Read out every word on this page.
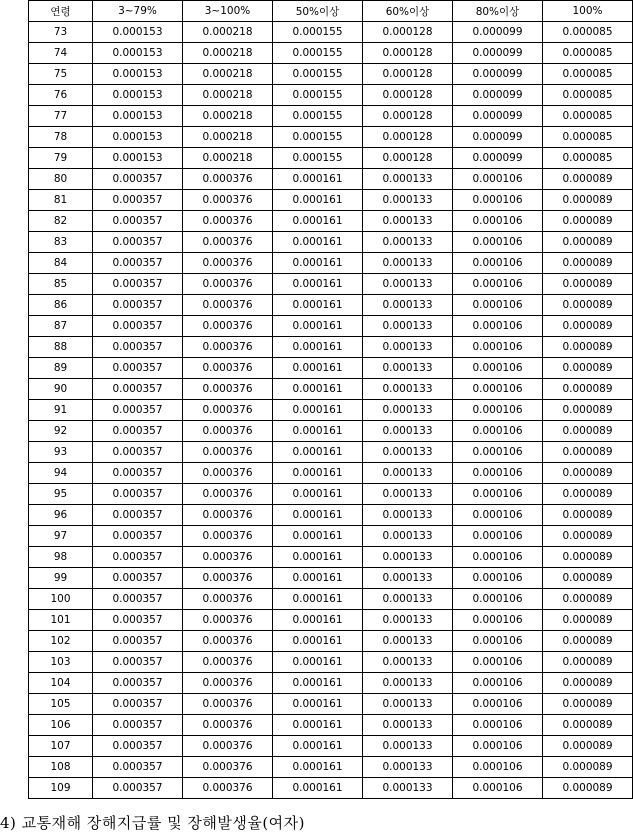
연령	3~79%	3~100%	50%이상	60%이상	80%이상	100%
73	0.000153	0.000218	0.000155	0.000128	0.000099	0.000085
74	0.000153	0.000218	0.000155	0.000128	0.000099	0.000085
75	0.000153	0.000218	0.000155	0.000128	0.000099	0.000085
76	0.000153	0.000218	0.000155	0.000128	0.000099	0.000085
77	0.000153	0.000218	0.000155	0.000128	0.000099	0.000085
78	0.000153	0.000218	0.000155	0.000128	0.000099	0.000085
79	0.000153	0.000218	0.000155	0.000128	0.000099	0.000085
80	0.000357	0.000376	0.000161	0.000133	0.000106	0.000089
81	0.000357	0.000376	0.000161	0.000133	0.000106	0.000089
82	0.000357	0.000376	0.000161	0.000133	0.000106	0.000089
83	0.000357	0.000376	0.000161	0.000133	0.000106	0.000089
84	0.000357	0.000376	0.000161	0.000133	0.000106	0.000089
85	0.000357	0.000376	0.000161	0.000133	0.000106	0.000089
86	0.000357	0.000376	0.000161	0.000133	0.000106	0.000089
87	0.000357	0.000376	0.000161	0.000133	0.000106	0.000089
88	0.000357	0.000376	0.000161	0.000133	0.000106	0.000089
89	0.000357	0.000376	0.000161	0.000133	0.000106	0.000089
90	0.000357	0.000376	0.000161	0.000133	0.000106	0.000089
91	0.000357	0.000376	0.000161	0.000133	0.000106	0.000089
92	0.000357	0.000376	0.000161	0.000133	0.000106	0.000089
93	0.000357	0.000376	0.000161	0.000133	0.000106	0.000089
94	0.000357	0.000376	0.000161	0.000133	0.000106	0.000089
95	0.000357	0.000376	0.000161	0.000133	0.000106	0.000089
96	0.000357	0.000376	0.000161	0.000133	0.000106	0.000089
97	0.000357	0.000376	0.000161	0.000133	0.000106	0.000089
98	0.000357	0.000376	0.000161	0.000133	0.000106	0.000089
99	0.000357	0.000376	0.000161	0.000133	0.000106	0.000089
100	0.000357	0.000376	0.000161	0.000133	0.000106	0.000089
101	0.000357	0.000376	0.000161	0.000133	0.000106	0.000089
102	0.000357	0.000376	0.000161	0.000133	0.000106	0.000089
103	0.000357	0.000376	0.000161	0.000133	0.000106	0.000089
104	0.000357	0.000376	0.000161	0.000133	0.000106	0.000089
105	0.000357	0.000376	0.000161	0.000133	0.000106	0.000089
106	0.000357	0.000376	0.000161	0.000133	0.000106	0.000089
107	0.000357	0.000376	0.000161	0.000133	0.000106	0.000089
108	0.000357	0.000376	0.000161	0.000133	0.000106	0.000089
109	0.000357	0.000376	0.000161	0.000133	0.000106	0.000089
4) 교통재해 장해지급률 및 장해발생율(여자)
